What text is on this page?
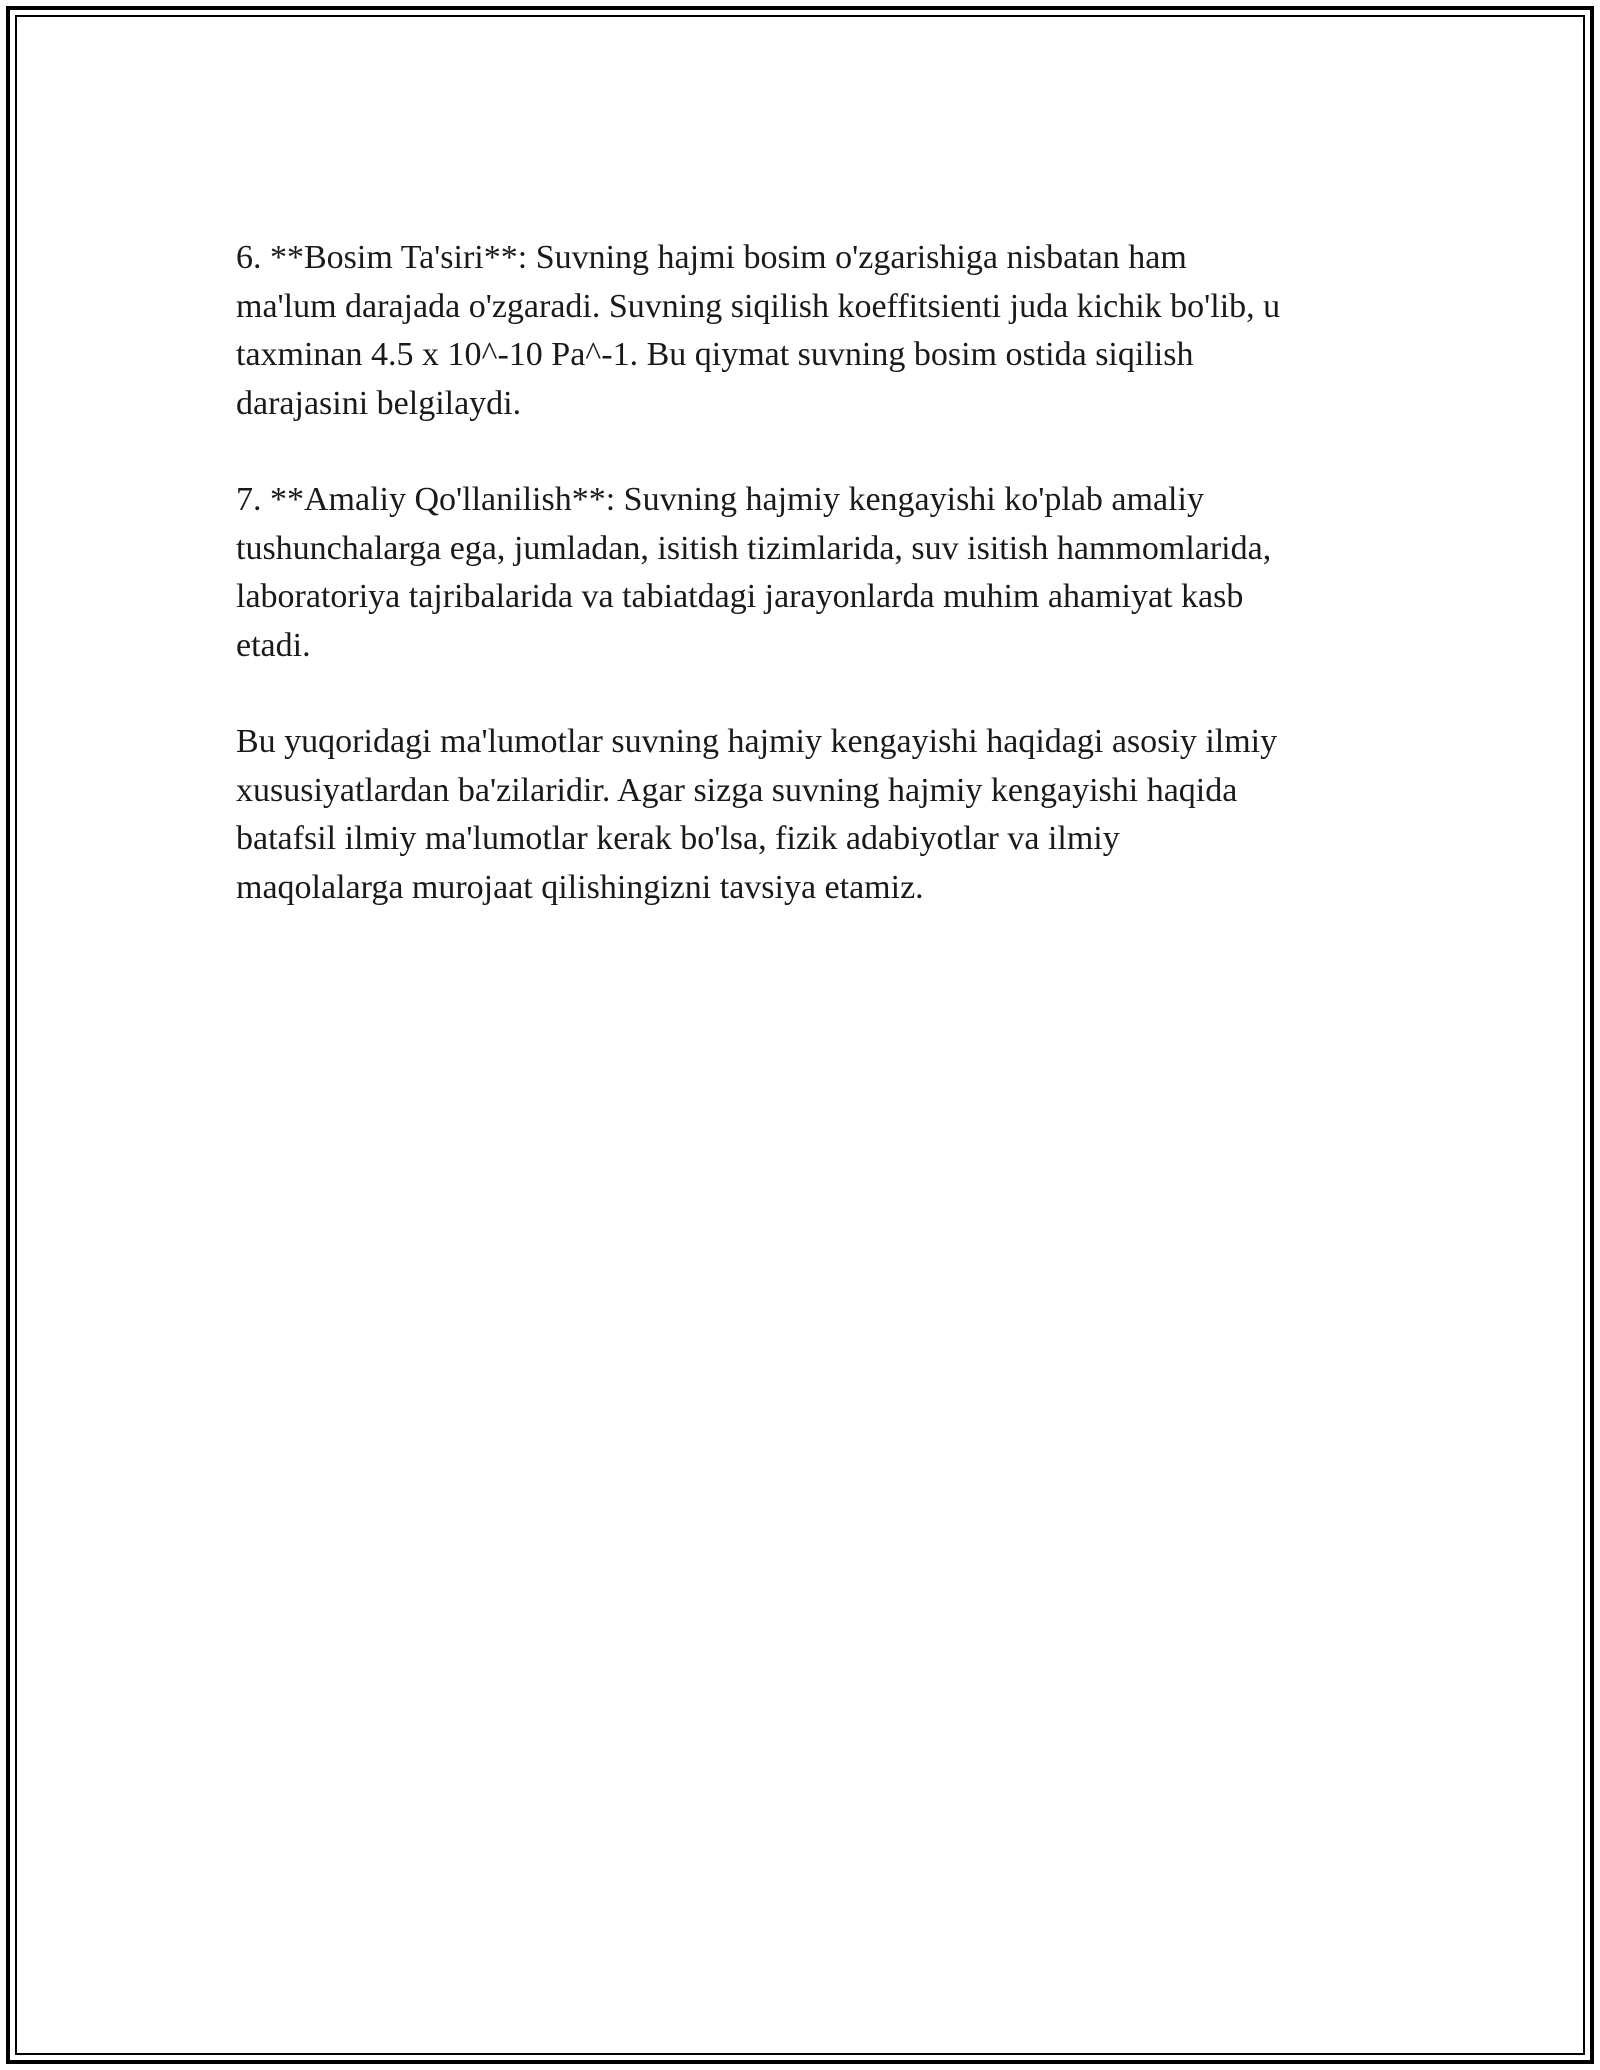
6. **Bosim Ta'siri**: Suvning hajmi bosim o'zgarishiga nisbatan ham
ma'lum darajada o'zgaradi. Suvning siqilish koeffitsienti juda kichik bo'lib, u
taxminan 4.5 x 10^-10 Pa^-1. Bu qiymat suvning bosim ostida siqilish
darajasini belgilaydi.

7. **Amaliy Qo'llanilish**: Suvning hajmiy kengayishi ko'plab amaliy
tushunchalarga ega, jumladan, isitish tizimlarida, suv isitish hammomlarida,
laboratoriya tajribalarida va tabiatdagi jarayonlarda muhim ahamiyat kasb
etadi.

Bu yuqoridagi ma'lumotlar suvning hajmiy kengayishi haqidagi asosiy ilmiy
xususiyatlardan ba'zilaridir. Agar sizga suvning hajmiy kengayishi haqida
batafsil ilmiy ma'lumotlar kerak bo'lsa, fizik adabiyotlar va ilmiy
maqolalarga murojaat qilishingizni tavsiya etamiz.
